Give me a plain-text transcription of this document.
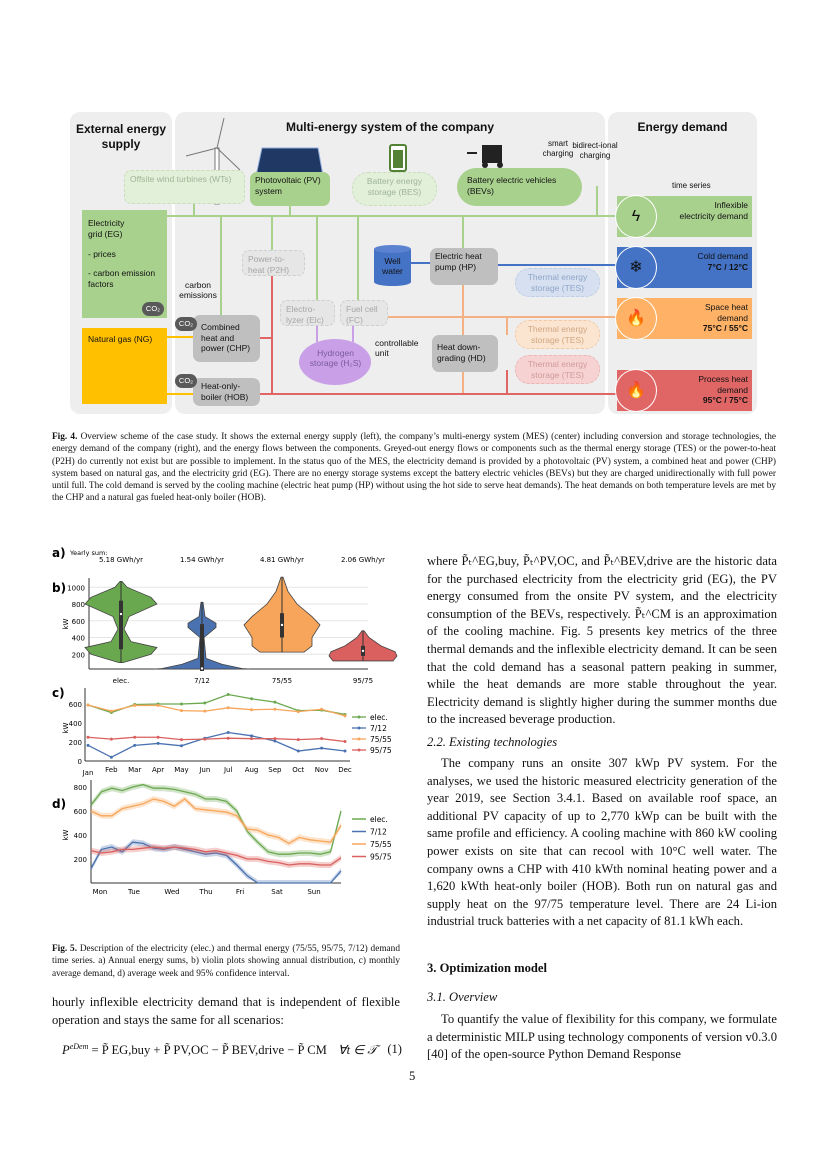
External energy supply
Multi-energy system of the company	Energy demand
Offsite wind turbines (WTs)	Photovoltaic (PV) system
Battery energy storage (BES)
Battery electric vehicles (BEVs)
smart charging
bidirect-ional charging
time series
Electricity grid (EG)
- prices
- carbon emission factors
CO₂
Natural gas (NG)
carbon emissions
Power-to-heat (P2H)
Electro-lyzer (Elc)
Fuel cell (FC)
controllable unit
Hydrogen storage (H₂S)
Combined heat and power (CHP)
CO₂
Heat-only-boiler (HOB)
CO₂
Well water
Electric heat pump (HP)
Heat down-grading (HD)
Thermal energy storage (TES)
Thermal energy storage (TES)
Thermal energy storage (TES)
ϟ
Inflexible electricity demand
❄
Cold demand
7°C / 12°C
🔥
Space heat demand
75°C / 55°C
🔥
Process heat demand
95°C / 75°C
Fig. 4. Overview scheme of the case study. It shows the external energy supply (left), the company’s multi-energy system (MES) (center) including conversion and storage technologies, the energy demand of the company (right), and the energy flows between the components. Greyed-out energy flows or components such as the thermal energy storage (TES) or the power-to-heat (P2H) do currently not exist but are possible to implement. In the status quo of the MES, the electricity demand is provided by a photovoltaic (PV) system, a combined heat and power (CHP) system based on natural gas, and the electricity grid (EG). There are no energy storage systems except the battery electric vehicles (BEVs) but they are charged unidirectionally with full power until full. The cold demand is served by the cooling machine (electric heat pump (HP) without using the hot side to serve heat demands). The heat demands on both temperature levels are met by the CHP and a natural gas fueled heat-only boiler (HOB).
a)
b)
c)
d)
Yearly sum:
5.18 GWh/yr	1.54 GWh/yr	4.81 GWh/yr	2.06 GWh/yr
200
400
600
800
1000
kW
elec.	7/12	75/55	95/75
kW
0
200
400
600
Jan Feb Mar Apr May Jun Jul Aug Sep Oct Nov Dec
elec.
7/12
75/55
95/75
kW
200
400
600
800
Mon	Tue	Wed	Thu	Fri	Sat	Sun
elec.
7/12
75/55
95/75
Fig. 5. Description of the electricity (elec.) and thermal energy (75/55, 95/75, 7/12) demand time series. a) Annual energy sums, b) violin plots showing annual distribution, c) monthly average demand, d) average week and 95% confidence interval.
hourly inflexible electricity demand that is independent of flexible operation and stays the same for all scenarios:
$P^{eDem}$ = P̃ EG,buy + P̃ PV,OC − P̃ BEV,drive − P̃ CM ∀t ∈ 𝒯 (1)
where P̃ₜ^EG,buy, P̃ₜ^PV,OC, and P̃ₜ^BEV,drive are the historic data for the purchased electricity from the electricity grid (EG), the PV energy consumed from the onsite PV system, and the electricity consumption of the BEVs, respectively. P̃ₜ^CM is an approximation of the cooling machine. Fig. 5 presents key metrics of the three thermal demands and the inflexible electricity demand. It can be seen that the cold demand has a seasonal pattern peaking in summer, while the heat demands are more stable throughout the year. Electricity demand is slightly higher during the summer months due to the increased beverage production.
2.2. Existing technologies
The company runs an onsite 307 kWp PV system. For the analyses, we used the historic measured electricity generation of the year 2019, see Section 3.4.1. Based on available roof space, an additional PV capacity of up to 2,770 kWp can be built with the same profile and efficiency. A cooling machine with 860 kW cooling power exists on site that can recool with 10°C well water. The company owns a CHP with 410 kWth nominal heating power and a 1,620 kWth heat-only boiler (HOB). Both run on natural gas and supply heat on the 97/75 temperature level. There are 24 Li-ion industrial truck batteries with a net capacity of 81.1 kWh each.
3. Optimization model
3.1. Overview
To quantify the value of flexibility for this company, we formulate a deterministic MILP using technology components of version v0.3.0 [40] of the open-source Python Demand Response
5
